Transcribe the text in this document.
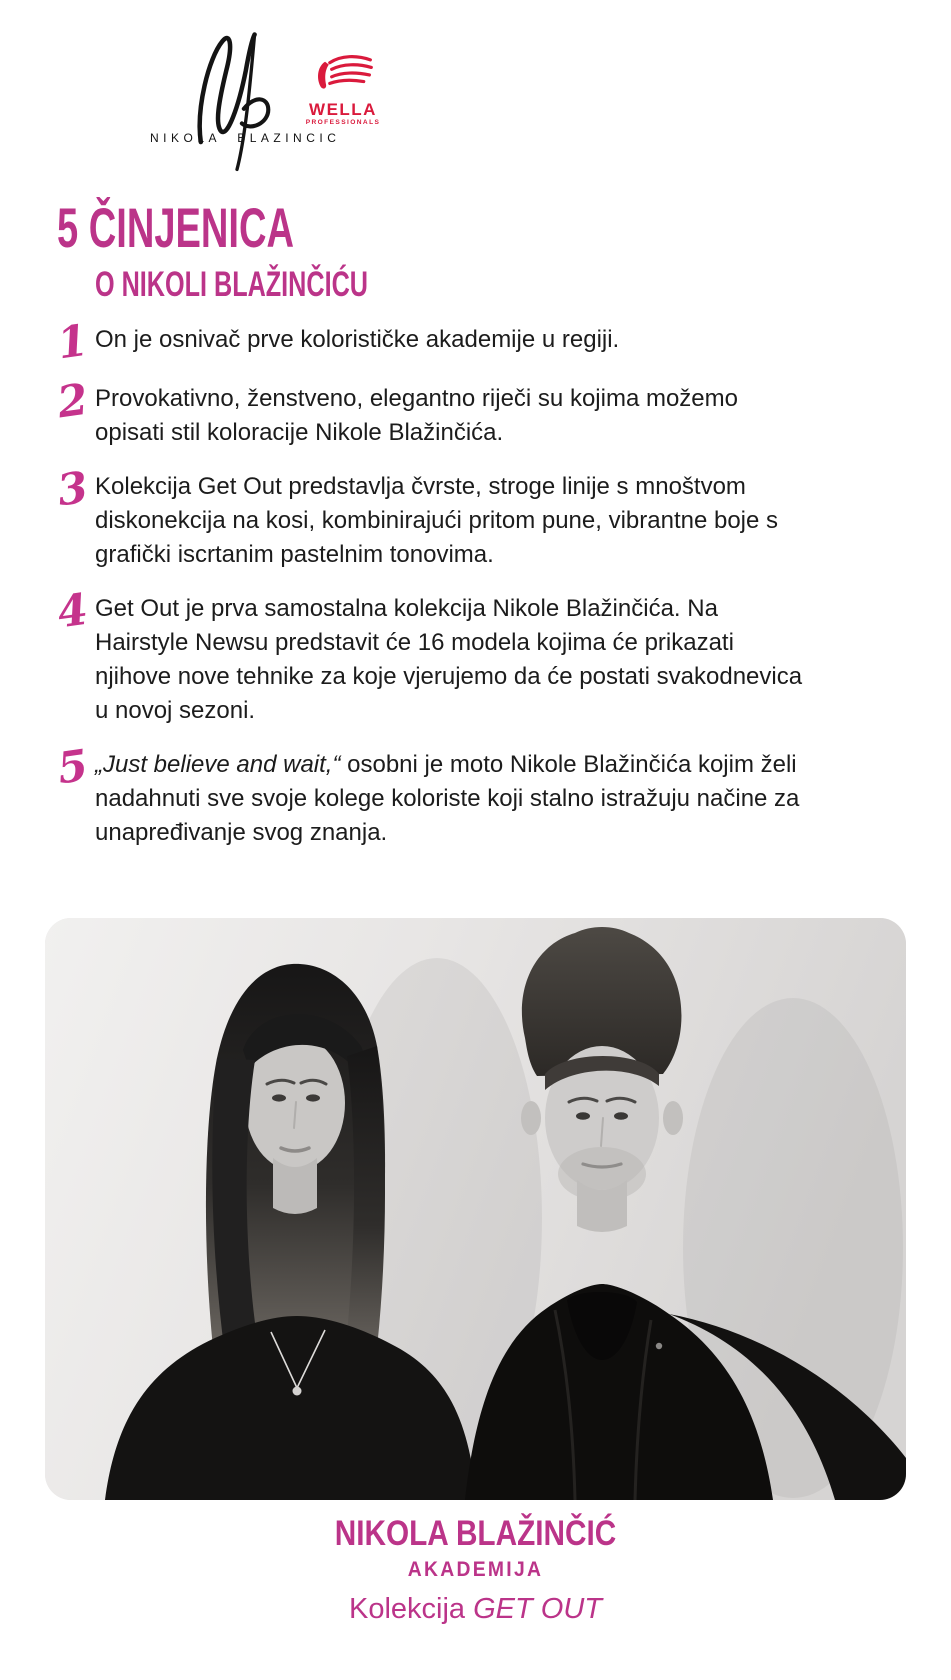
NIKOLA BLAZINCIC
WELLA
PROFESSIONALS
5 ČINJENICA
O NIKOLI BLAŽINČIĆU
1 On je osnivač prve kolorističke akademije u regiji.
2 Provokativno, ženstveno, elegantno riječi su kojima možemo
opisati stil koloracije Nikole Blažinčića.
3 Kolekcija Get Out predstavlja čvrste, stroge linije s mnoštvom
diskonekcija na kosi, kombinirajući pritom pune, vibrantne boje s
grafički iscrtanim pastelnim tonovima.
4 Get Out je prva samostalna kolekcija Nikole Blažinčića. Na
Hairstyle Newsu predstavit će 16 modela kojima će prikazati
njihove nove tehnike za koje vjerujemo da će postati svakodnevica
u novoj sezoni.
5 „Just believe and wait,“ osobni je moto Nikole Blažinčića kojim želi
nadahnuti sve svoje kolege koloriste koji stalno istražuju načine za
unapređivanje svog znanja.
NIKOLA BLAŽINČIĆ
AKADEMIJA
Kolekcija GET OUT
